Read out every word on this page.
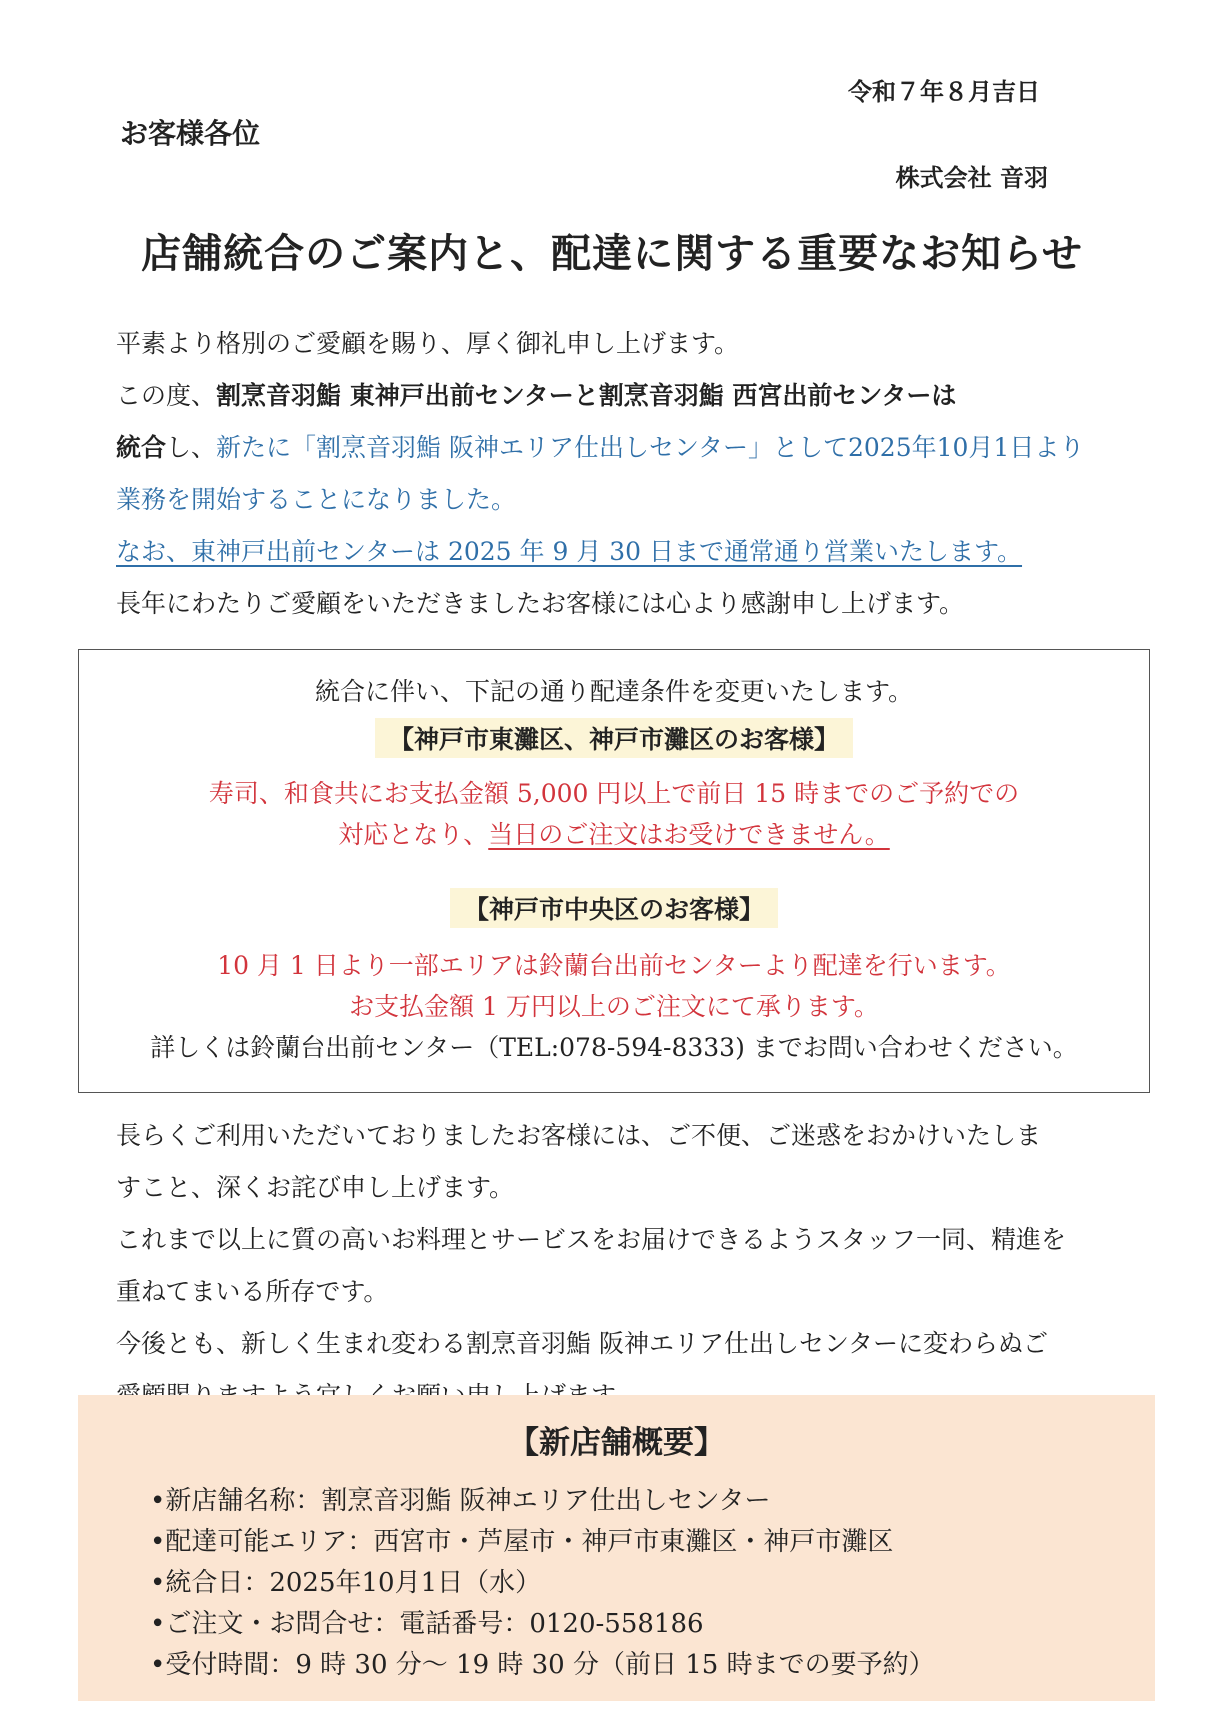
令和７年８月吉日
お客様各位
株式会社 音羽
店舗統合のご案内と、配達に関する重要なお知らせ

平素より格別のご愛顧を賜り、厚く御礼申し上げます。

この度、割烹音羽鮨 東神戸出前センターと割烹音羽鮨 西宮出前センターは

統合し、新たに「割烹音羽鮨 阪神エリア仕出しセンター」として2025年10月1日より

業務を開始することになりました。

なお、東神戸出前センターは 2025 年 9 月 30 日まで通常通り営業いたします。

長年にわたりご愛顧をいただきましたお客様には心より感謝申し上げます。

統合に伴い、下記の通り配達条件を変更いたします。
【神戸市東灘区、神戸市灘区のお客様】
寿司、和食共にお支払金額 5,000 円以上で前日 15 時までのご予約での
対応となり、当日のご注文はお受けできません。
【神戸市中央区のお客様】
10 月 1 日より一部エリアは鈴蘭台出前センターより配達を行います。
お支払金額 1 万円以上のご注文にて承ります。
詳しくは鈴蘭台出前センター（TEL:078-594-8333) までお問い合わせください。

長らくご利用いただいておりましたお客様には、ご不便、ご迷惑をおかけいたしま

すこと、深くお詫び申し上げます。

これまで以上に質の高いお料理とサービスをお届けできるようスタッフ一同、精進を

重ねてまいる所存です。

今後とも、新しく生まれ変わる割烹音羽鮨 阪神エリア仕出しセンターに変わらぬご

【新店舗概要】
•新店舗名称：割烹音羽鮨 阪神エリア仕出しセンター
•配達可能エリア：西宮市・芦屋市・神戸市東灘区・神戸市灘区
•統合日：2025年10月1日（水）
•ご注文・お問合せ：電話番号：0120-558186
•受付時間：9 時 30 分～ 19 時 30 分（前日 15 時までの要予約）
